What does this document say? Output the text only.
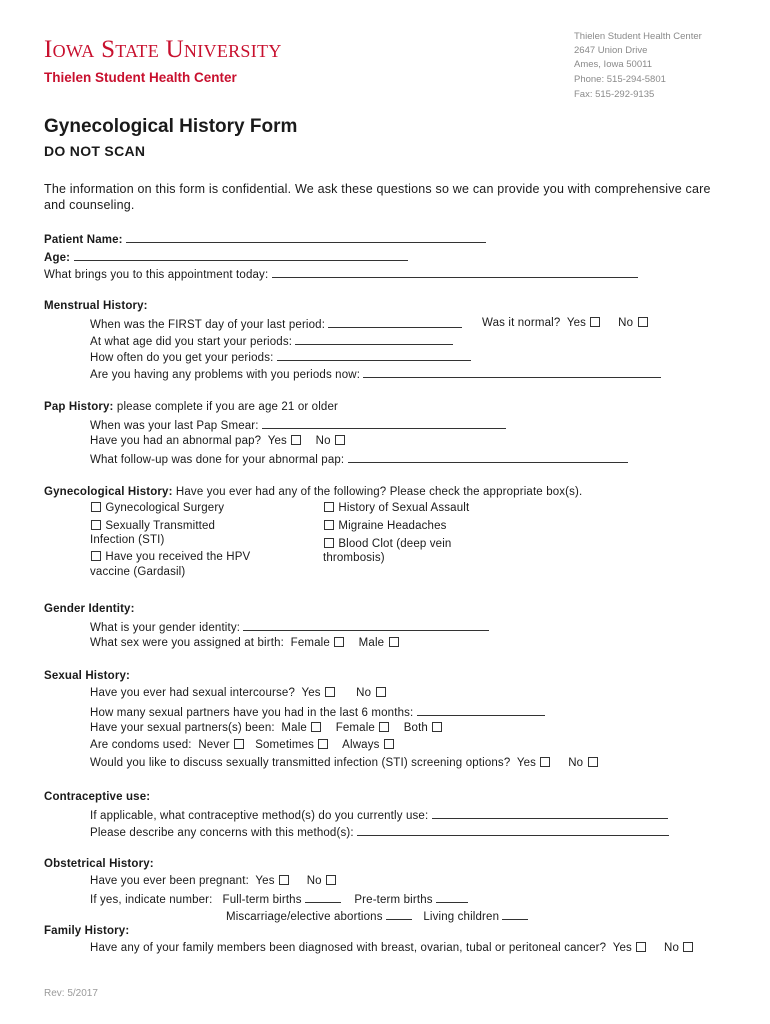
Iowa State University
Thielen Student Health Center
Thielen Student Health Center
2647 Union Drive
Ames, Iowa 50011
Phone: 515-294-5801
Fax: 515-292-9135
Gynecological History Form
DO NOT SCAN
The information on this form is confidential. We ask these questions so we can provide you with comprehensive care and counseling.
Patient Name:
Age:
What brings you to this appointment today:
Menstrual History:
When was the FIRST day of your last period:	Was it normal? Yes	No
At what age did you start your periods:
How often do you get your periods:
Are you having any problems with you periods now:
Pap History: please complete if you are age 21 or older
When was your last Pap Smear:
Have you had an abnormal pap? Yes	No
What follow-up was done for your abnormal pap:
Gynecological History: Have you ever had any of the following? Please check the appropriate box(s).
Gynecological Surgery
Sexually Transmitted
Infection (STI)
Have you received the HPV
vaccine (Gardasil)
History of Sexual Assault
Migraine Headaches
Blood Clot (deep vein
thrombosis)
Gender Identity:
What is your gender identity:
What sex were you assigned at birth: Female	Male
Sexual History:
Have you ever had sexual intercourse? Yes	No
How many sexual partners have you had in the last 6 months:
Have your sexual partners(s) been: Male	Female	Both
Are condoms used: Never Sometimes Always
Would you like to discuss sexually transmitted infection (STI) screening options? Yes	No
Contraceptive use:
If applicable, what contraceptive method(s) do you currently use:
Please describe any concerns with this method(s):
Obstetrical History:
Have you ever been pregnant: Yes	No
If yes, indicate number: Full-term births	Pre-term births
Miscarriage/elective abortions	Living children
Family History:
Have any of your family members been diagnosed with breast, ovarian, tubal or peritoneal cancer? Yes	No
Rev: 5/2017
